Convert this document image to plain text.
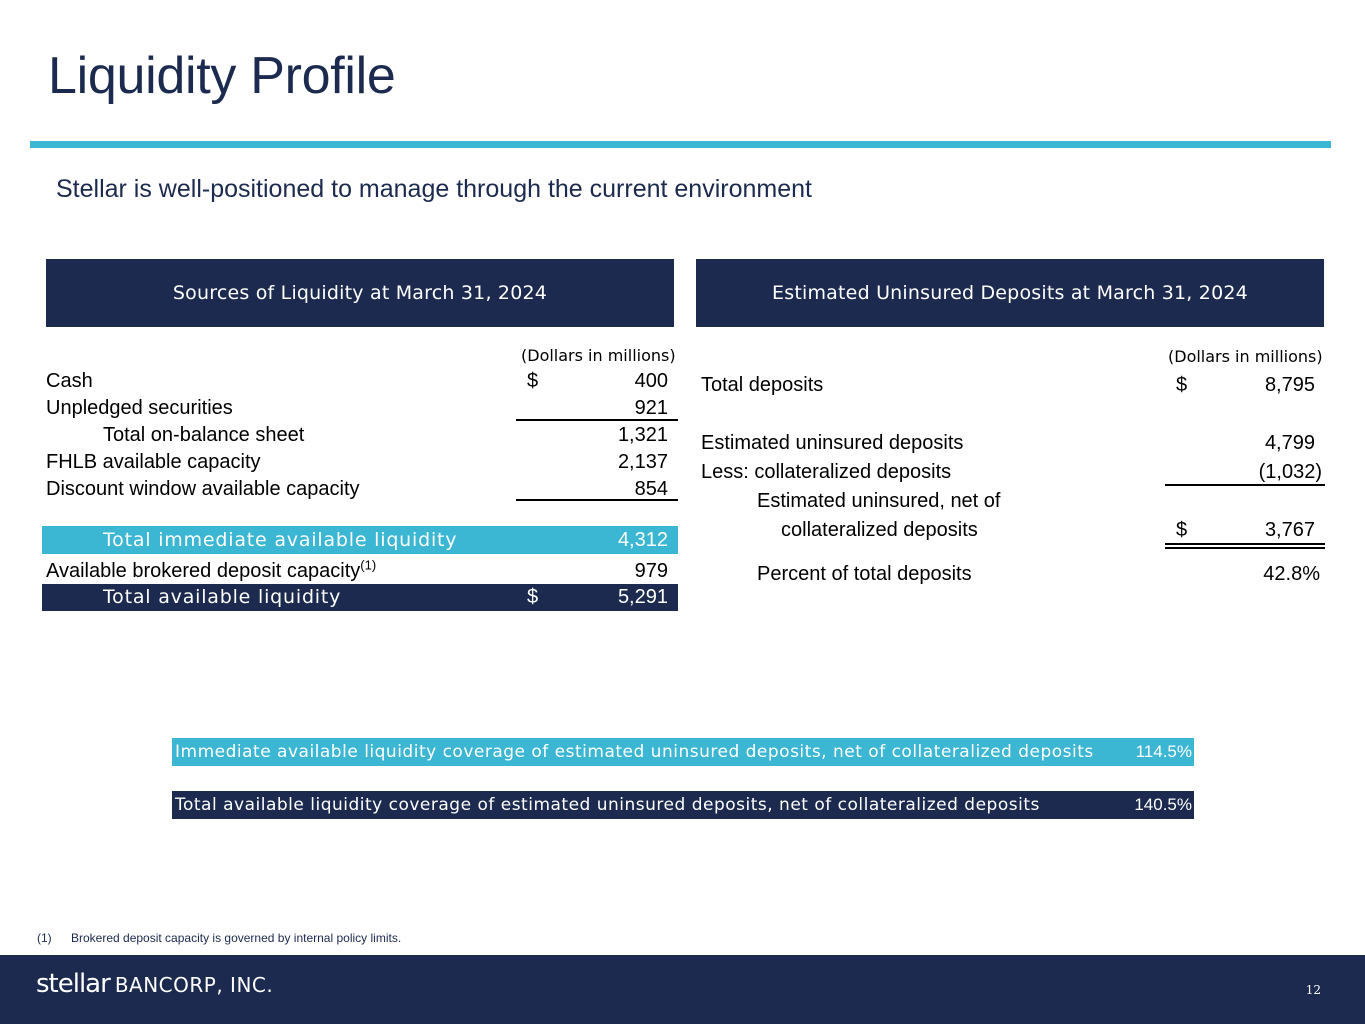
Liquidity Profile
Stellar is well-positioned to manage through the current environment
Sources of Liquidity at March 31, 2024
(Dollars in millions)
Cash	$	400
Unpledged securities	921
Total on-balance sheet	1,321
FHLB available capacity	2,137
Discount window available capacity	854
Total immediate available liquidity	4,312
Available brokered deposit capacity$^{(1)}$	979
Total available liquidity	$	5,291
Estimated Uninsured Deposits at March 31, 2024
(Dollars in millions)
Total deposits	$	8,795
Estimated uninsured deposits	4,799
Less: collateralized deposits	(1,032)
Estimated uninsured, net of
collateralized deposits	$	3,767
Percent of total deposits	42.8%
Immediate available liquidity coverage of estimated uninsured deposits, net of collateralized deposits 114.5%
Total available liquidity coverage of estimated uninsured deposits, net of collateralized deposits	140.5%
(1) Brokered deposit capacity is governed by internal policy limits.
stellar BANCORP, INC.	12
